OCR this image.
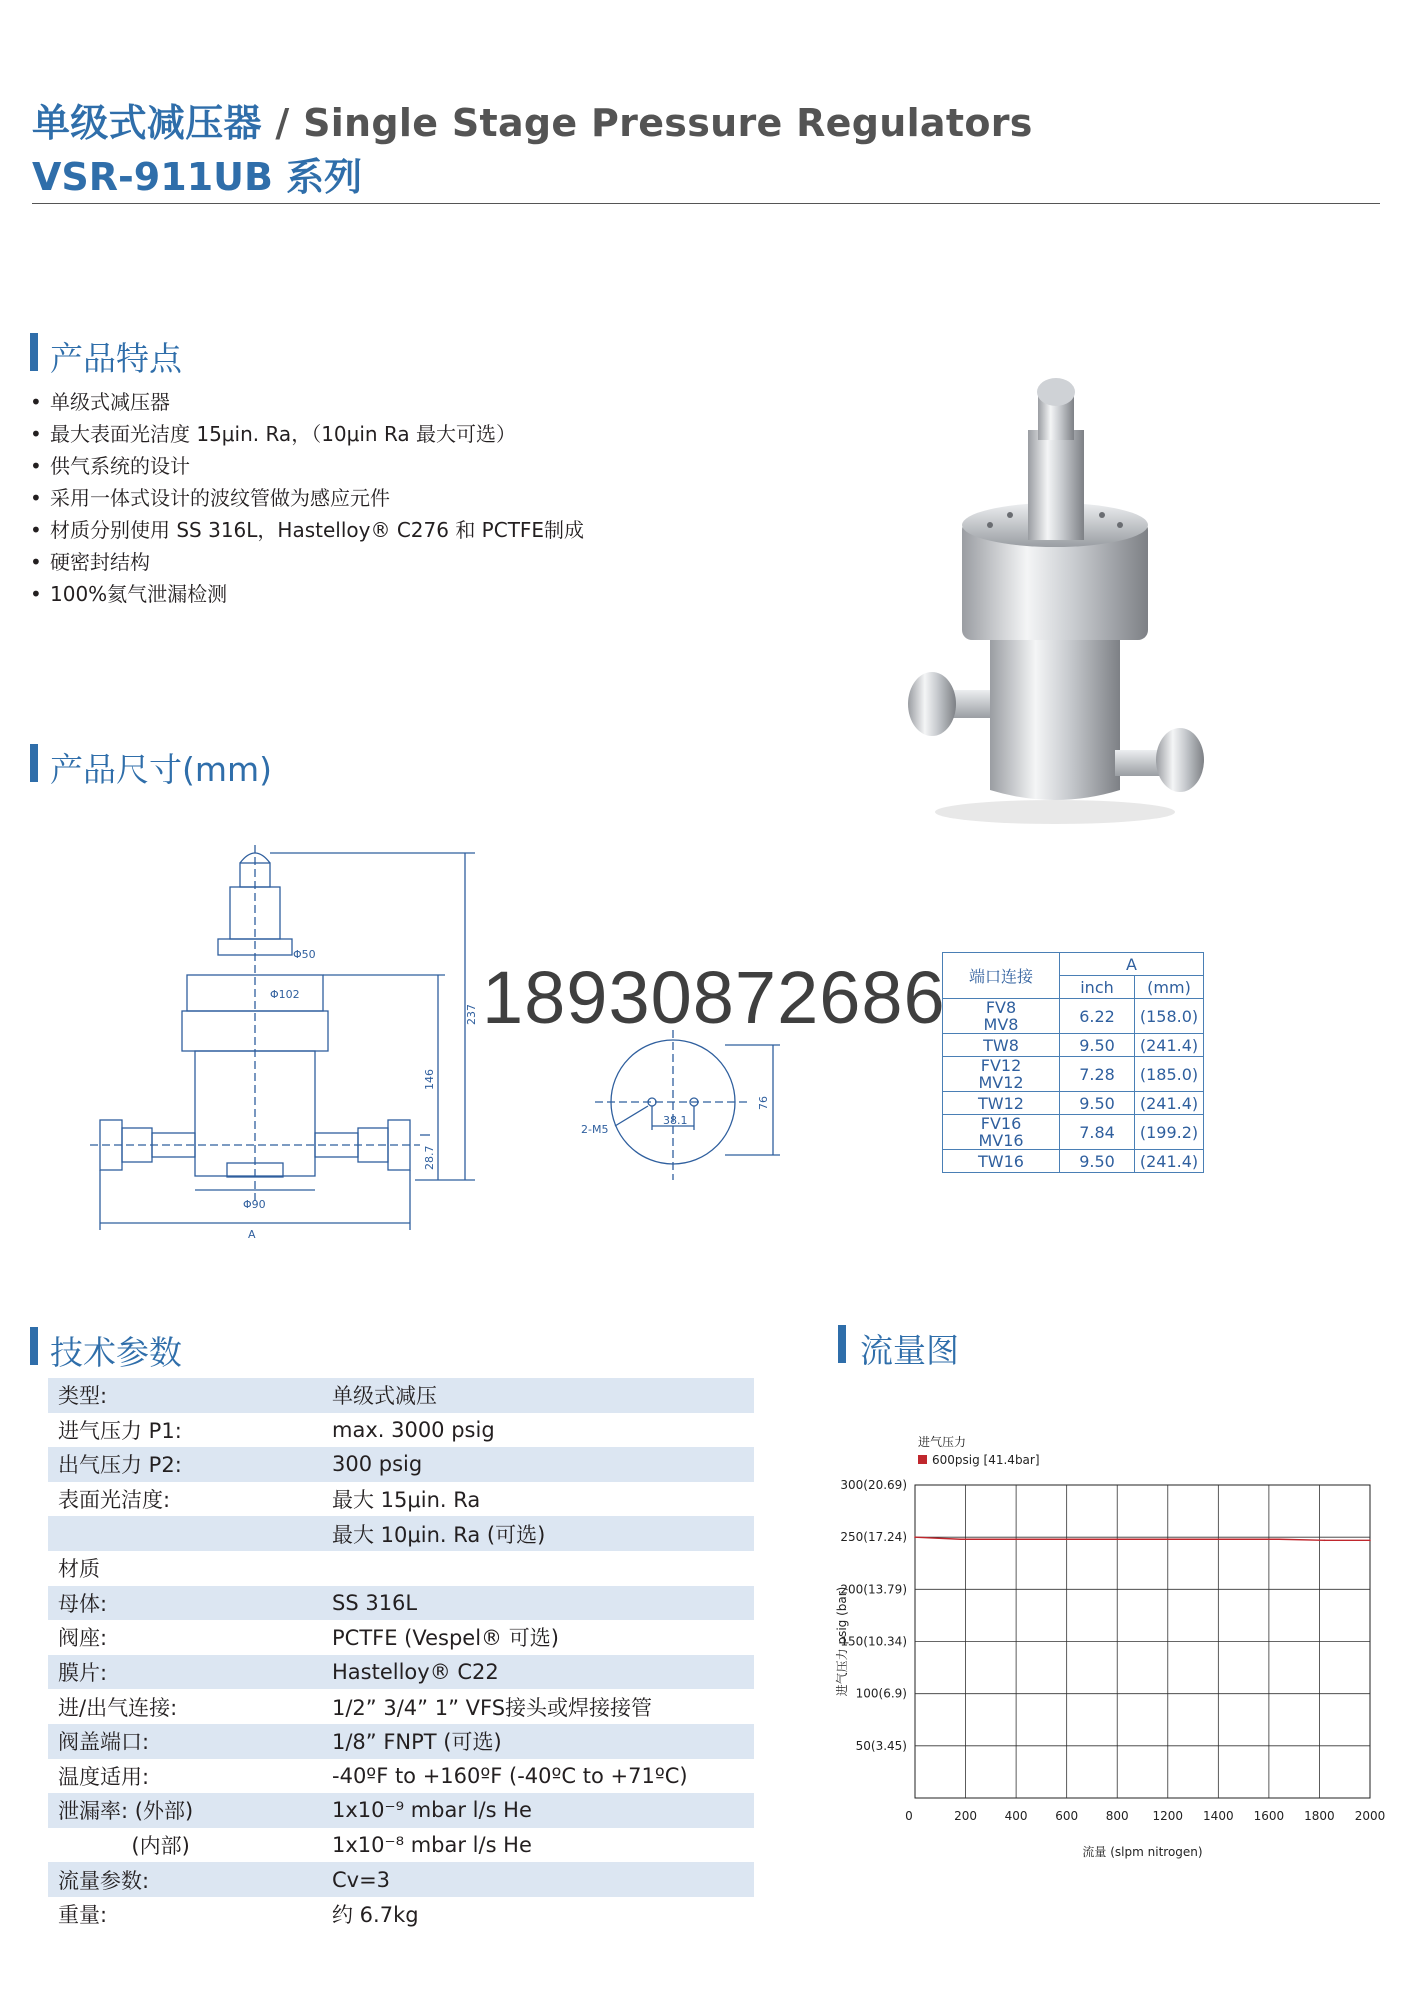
单级式减压器 / Single Stage Pressure Regulators
VSR-911UB 系列
产品特点
• 单级式减压器
• 最大表面光洁度 15μin. Ra，（10μin Ra 最大可选）
• 供气系统的设计
• 采用一体式设计的波纹管做为感应元件
• 材质分别使用 SS 316L，Hastelloy® C276 和 PCTFE制成
• 硬密封结构
• 100%氦气泄漏检测
产品尺寸(mm)
Φ50
Φ102
Φ90
A
237
146
28.7
38.1
2-M5
76
18930872686 端口连接	A	
	inch	(mm)

FV8
MV8	6.22	(158.0)

TW8	9.50	(241.4)

FV12
MV12	7.28	(185.0)

TW12	9.50	(241.4)

FV16
MV16	7.84	(199.2)

TW16	9.50	(241.4)
技术参数
类型:	单级式减压
进气压力 P1:	max. 3000 psig
出气压力 P2:	300 psig
表面光洁度:	最大 15μin. Ra
	最大 10μin. Ra (可选)
材质	
母体:	SS 316L
阀座:	PCTFE (Vespel® 可选)
膜片:	Hastelloy® C22
进/出气连接:	1/2” 3/4” 1” VFS接头或焊接接管
阀盖端口:	1/8” FNPT (可选)
温度适用:	-40ºF to +160ºF (-40ºC to +71ºC)
泄漏率: (外部)	1x10⁻⁹ mbar l/s He
(内部)	1x10⁻⁸ mbar l/s He
流量参数:	Cv=3
重量:	约 6.7kg
流量图
50(3.45)
100(6.9)
150(10.34)
200(13.79)
250(17.24)
300(20.69)
0	200 400 600 800 1200 1400 1600 1800 2000
流量 (slpm nitrogen)
进气压力 psig (bar)
进气压力
600psig [41.4bar]
